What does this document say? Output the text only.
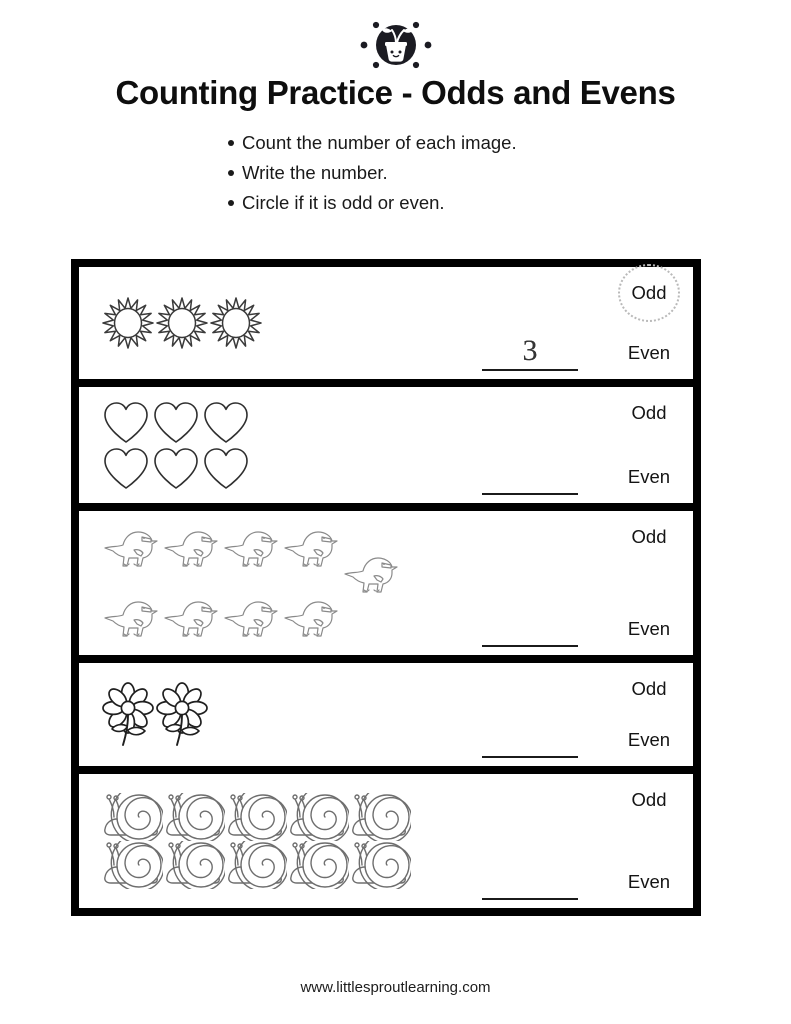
Counting Practice - Odds and Evens
Count the number of each image.
Write the number.
Circle if it is odd or even.
3
Odd
Even
Odd
Even
Odd
Even
Odd
Even
Odd
Even
www.littlesproutlearning.com
